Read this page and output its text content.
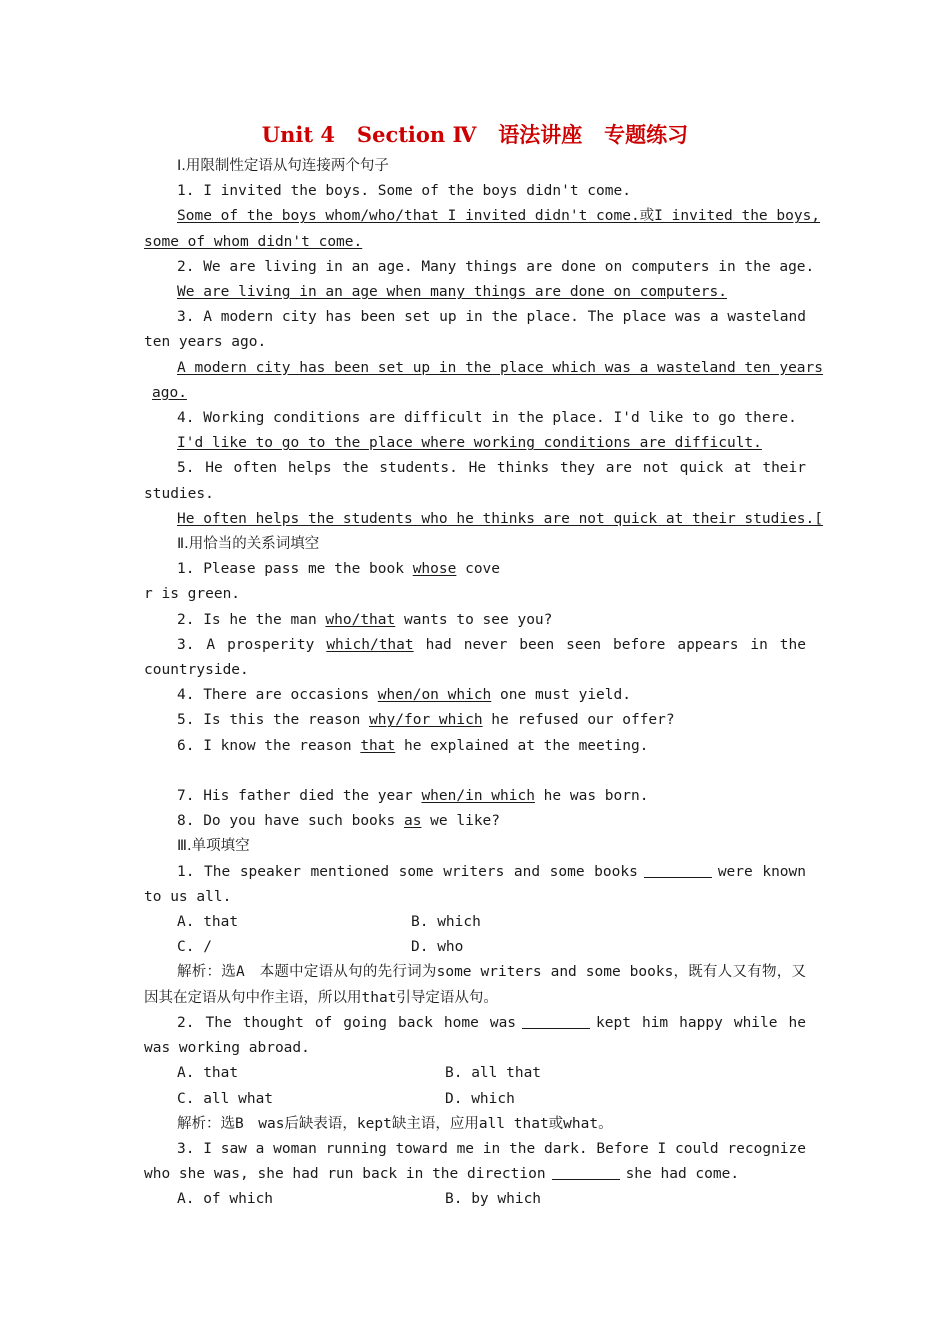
Unit 4   Section Ⅳ   语法讲座   专题练习
Ⅰ.用限制性定语从句连接两个句子
1. I invited the boys. Some of the boys didn't come.
Some of the boys whom/who/that I invited didn't come.或I invited the boys,
some of whom didn't come.
2. We are living in an age. Many things are done on computers in the age.
We are living in an age when many things are done on computers.
3. A modern city has been set up in the place. The place was a wasteland ten years ago.
A modern city has been set up in the place which was a wasteland ten years
ago.
4. Working conditions are difficult in the place. I'd like to go there.
I'd like to go to the place where working conditions are difficult.
5. He often helps the students. He thinks they are not quick at their studies.
He often helps the students who he thinks are not quick at their studies.[
Ⅱ.用恰当的关系词填空
1. Please pass me the book whose cove
r is green.
2. Is he the man who/that wants to see you?
3. A prosperity which/that had never been seen before appears in the countryside.
4. There are occasions when/on which one must yield.
5. Is this the reason why/for which he refused our offer?
6. I know the reason that he explained at the meeting.
7. His father died the year when/in which he was born.
8. Do you have such books as we like?
Ⅲ.单项填空
1. The speaker mentioned some writers and some books	were known to us all.
A. that	B. which
C. /	D. who
解析：选A　本题中定语从句的先行词为some writers and some books，既有人又有物，又因其在定语从句中作主语，所以用that引导定语从句。
2. The thought of going back home was	kept him happy while he was working abroad.
A. that	B. all that
C. all what	D. which
解析：选B　was后缺表语，kept缺主语，应用all that或what。
3. I saw a woman running toward me in the dark. Before I could recognize who she was, she had run back in the direction	she had come.
A. of which	B. by which
